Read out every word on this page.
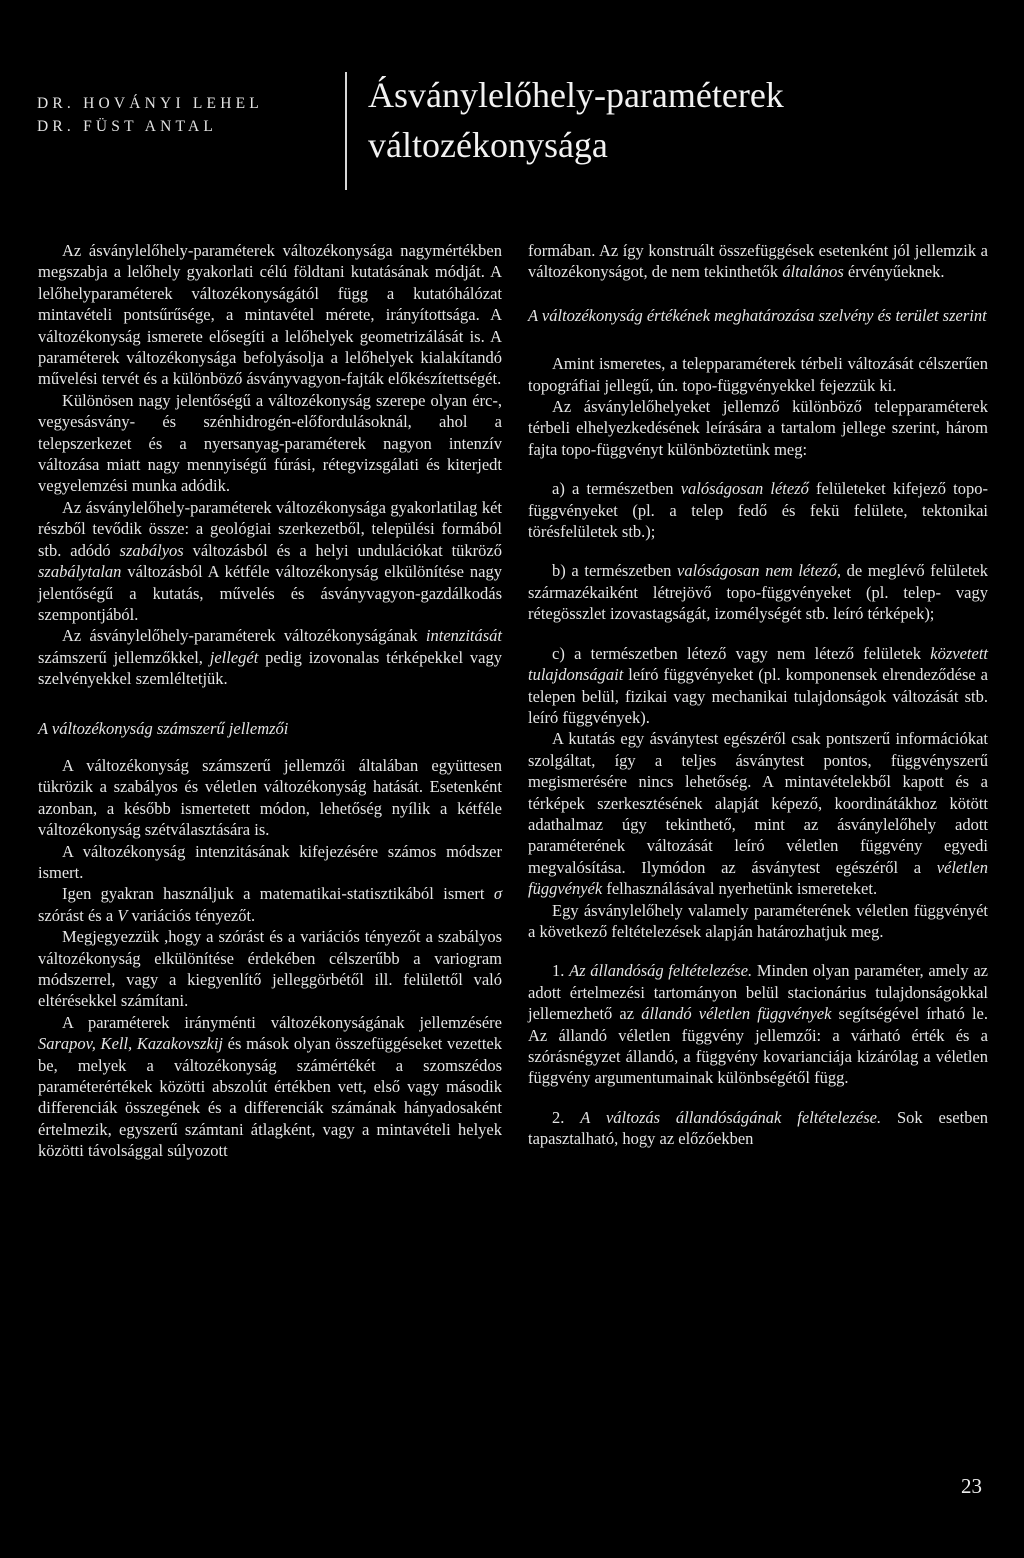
DR. HOVÁNYI LEHEL
DR. FÜST ANTAL
Ásványlelőhely-paraméterek
változékonysága

Az ásványlelőhely-paraméterek változékonysága nagymértékben megszabja a lelőhely gyakorlati célú földtani kutatásának módját. A lelőhelyparaméterek változékonyságától függ a kutatóhálózat mintavételi pontsűrűsége, a mintavétel mérete, irányítottsága. A változékonyság ismerete elősegíti a lelőhelyek geometrizálását is. A paraméterek változékonysága befolyásolja a lelőhelyek kialakítandó művelési tervét és a különböző ásványvagyon-fajták előkészítettségét.

Különösen nagy jelentőségű a változékonyság szerepe olyan érc-, vegyesásvány- és szénhidrogén-előfordulásoknál, ahol a telepszerkezet és a nyersanyag-paraméterek nagyon intenzív változása miatt nagy mennyiségű fúrási, rétegvizsgálati és kiterjedt vegyelemzési munka adódik.

Az ásványlelőhely-paraméterek változékonysága gyakorlatilag két részből tevődik össze: a geológiai szerkezetből, települési formából stb. adódó szabályos változásból és a helyi undulációkat tükröző szabálytalan változásból A kétféle változékonyság elkülönítése nagy jelentőségű a kutatás, művelés és ásványvagyon-gazdálkodás szempontjából.

Az ásványlelőhely-paraméterek változékonyságának intenzitását számszerű jellemzőkkel, jellegét pedig izovonalas térképekkel vagy szelvényekkel szemléltetjük.

A változékonyság számszerű jellemzői

A változékonyság számszerű jellemzői általában együttesen tükrözik a szabályos és véletlen változékonyság hatását. Esetenként azonban, a később ismertetett módon, lehetőség nyílik a kétféle változékonyság szétválasztására is.

A változékonyság intenzitásának kifejezésére számos módszer ismert.

Igen gyakran használjuk a matematikai-statisztikából ismert σ szórást és a V variációs tényezőt.

Megjegyezzük ,hogy a szórást és a variációs tényezőt a szabályos változékonyság elkülönítése érdekében célszerűbb a variogram módszerrel, vagy a kiegyenlítő jelleggörbétől ill. felülettől való eltérésekkel számítani.

A paraméterek irányménti változékonyságának jellemzésére Sarapov, Kell, Kazakovszkij és mások olyan összefüggéseket vezettek be, melyek a változékonyság számértékét a szomszédos paraméterértékek közötti abszolút értékben vett, első vagy második differenciák összegének és a differenciák számának hányadosaként értelmezik, egyszerű számtani átlagként, vagy a mintavételi helyek közötti távolsággal súlyozott

formában. Az így konstruált összefüggések esetenként jól jellemzik a változékonyságot, de nem tekinthetők általános érvényűeknek.

A változékonyság értékének meghatározása szelvény és terület szerint

Amint ismeretes, a telepparaméterek térbeli változását célszerűen topográfiai jellegű, ún. topo-függvényekkel fejezzük ki.

Az ásványlelőhelyeket jellemző különböző telepparaméterek térbeli elhelyezkedésének leírására a tartalom jellege szerint, három fajta topo-függvényt különböztetünk meg:

a) a természetben valóságosan létező felületeket kifejező topo-függvényeket (pl. a telep fedő és fekü felülete, tektonikai törésfelületek stb.);

b) a természetben valóságosan nem létező, de meglévő felületek származékaiként létrejövő topo-függvényeket (pl. telep- vagy rétegösszlet izovastagságát, izomélységét stb. leíró térképek);

c) a természetben létező vagy nem létező felületek közvetett tulajdonságait leíró függvényeket (pl. komponensek elrendeződése a telepen belül, fizikai vagy mechanikai tulajdonságok változását stb. leíró függvények).

A kutatás egy ásványtest egészéről csak pontszerű információkat szolgáltat, így a teljes ásványtest pontos, függvényszerű megismerésére nincs lehetőség. A mintavételekből kapott és a térképek szerkesztésének alapját képező, koordinátákhoz kötött adathalmaz úgy tekinthető, mint az ásványlelőhely adott paraméterének változását leíró véletlen függvény egyedi megvalósítása. Ilymódon az ásványtest egészéről a véletlen függvényék felhasználásával nyerhetünk ismereteket.

Egy ásványlelőhely valamely paraméterének véletlen függvényét a következő feltételezések alapján határozhatjuk meg.

1. Az állandóság feltételezése. Minden olyan paraméter, amely az adott értelmezési tartományon belül stacionárius tulajdonságokkal jellemezhető az állandó véletlen függvények segítségével írható le. Az állandó véletlen függvény jellemzői: a várható érték és a szórásnégyzet állandó, a függvény kovarianciája kizárólag a véletlen függvény argumentumainak különbségétől függ.

2. A változás állandóságának feltételezése. Sok esetben tapasztalható, hogy az előzőekben

23
